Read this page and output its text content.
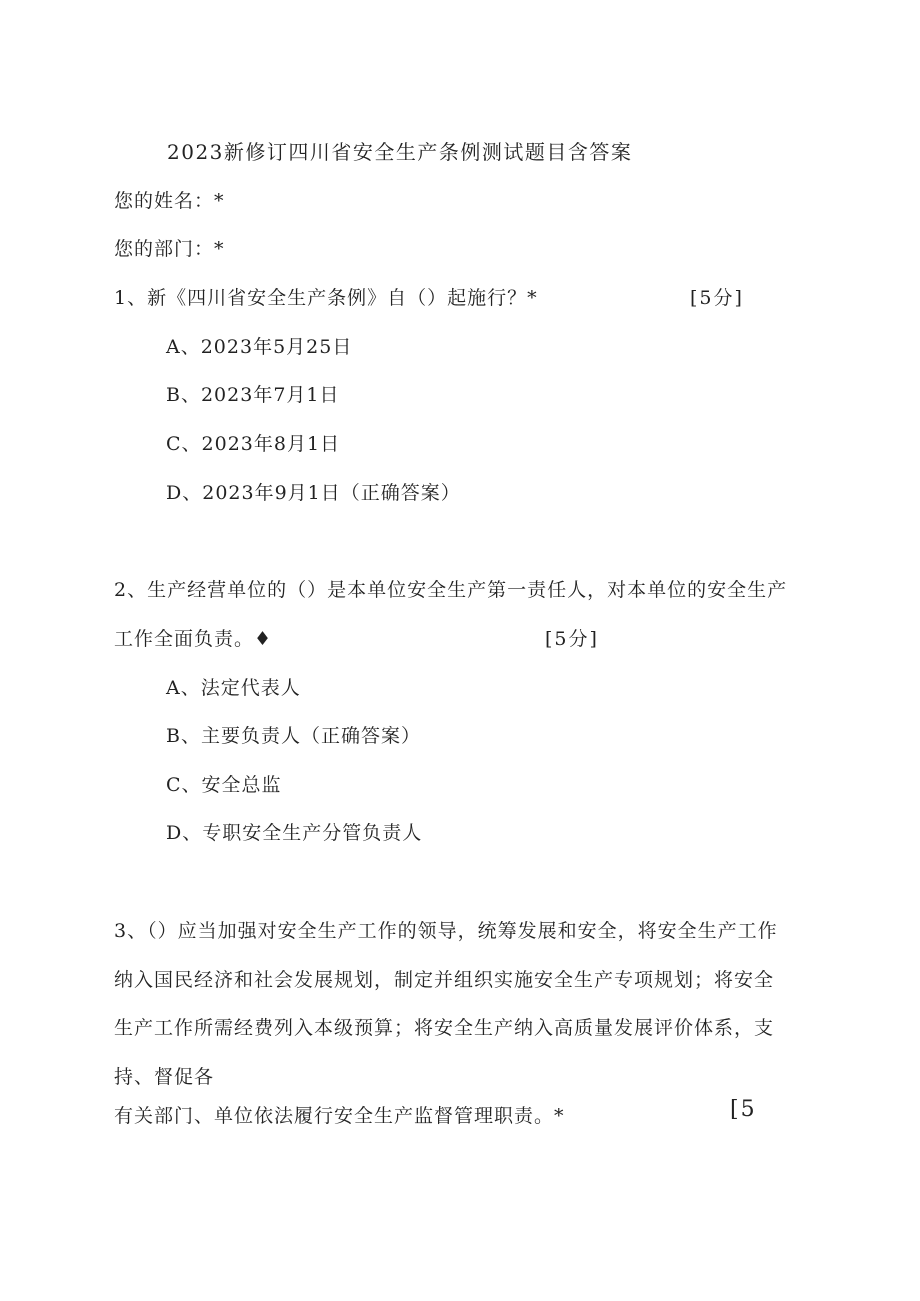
2023新修订四川省安全生产条例测试题目含答案
您的姓名：*
您的部门：*
1、新《四川省安全生产条例》自（）起施行？*	[5分]
A、2023年5月25日
B、2023年7月1日
C、2023年8月1日
D、2023年9月1日（正确答案）
2、生产经营单位的（）是本单位安全生产第一责任人，对本单位的安全生产
工作全面负责。♦	[5分]
A、法定代表人
B、主要负责人（正确答案）
C、安全总监
D、专职安全生产分管负责人
3、（）应当加强对安全生产工作的领导，统筹发展和安全，将安全生产工作
纳入国民经济和社会发展规划，制定并组织实施安全生产专项规划；将安全
生产工作所需经费列入本级预算；将安全生产纳入高质量发展评价体系，支
持、督促各
有关部门、单位依法履行安全生产监督管理职责。*	[5
